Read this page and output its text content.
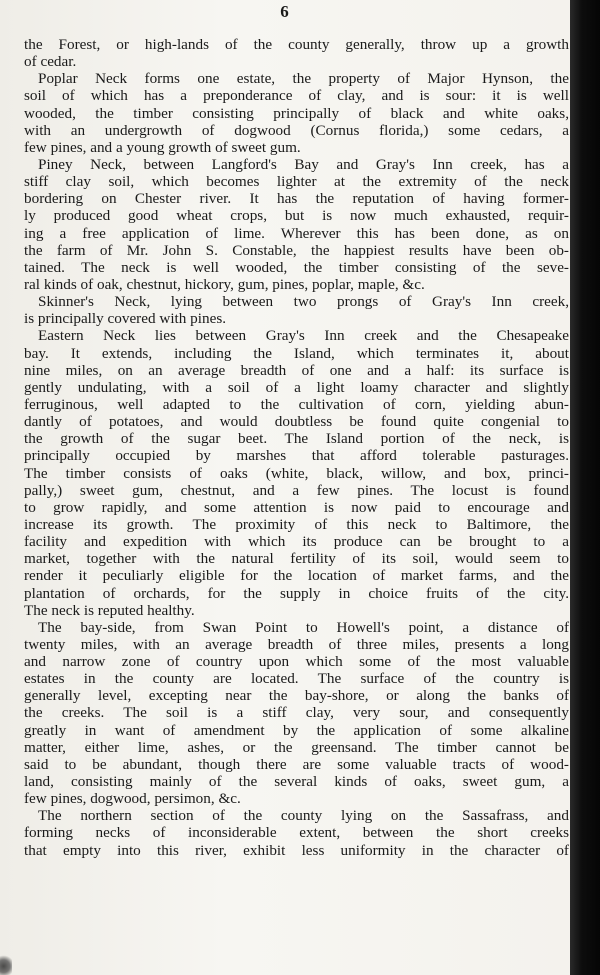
6
the Forest, or high-lands of the county generally, throw up a growth
of cedar.
Poplar Neck forms one estate, the property of Major Hynson, the
soil of which has a preponderance of clay, and is sour: it is well
wooded, the timber consisting principally of black and white oaks,
with an undergrowth of dogwood (Cornus florida,) some cedars, a
few pines, and a young growth of sweet gum.
Piney Neck, between Langford's Bay and Gray's Inn creek, has a
stiff clay soil, which becomes lighter at the extremity of the neck
bordering on Chester river. It has the reputation of having former-
ly produced good wheat crops, but is now much exhausted, requir-
ing a free application of lime. Wherever this has been done, as on
the farm of Mr. John S. Constable, the happiest results have been ob-
tained. The neck is well wooded, the timber consisting of the seve-
ral kinds of oak, chestnut, hickory, gum, pines, poplar, maple, &c.
Skinner's Neck, lying between two prongs of Gray's Inn creek,
is principally covered with pines.
Eastern Neck lies between Gray's Inn creek and the Chesapeake
bay. It extends, including the Island, which terminates it, about
nine miles, on an average breadth of one and a half: its surface is
gently undulating, with a soil of a light loamy character and slightly
ferruginous, well adapted to the cultivation of corn, yielding abun-
dantly of potatoes, and would doubtless be found quite congenial to
the growth of the sugar beet. The Island portion of the neck, is
principally occupied by marshes that afford tolerable pasturages.
The timber consists of oaks (white, black, willow, and box, princi-
pally,) sweet gum, chestnut, and a few pines. The locust is found
to grow rapidly, and some attention is now paid to encourage and
increase its growth. The proximity of this neck to Baltimore, the
facility and expedition with which its produce can be brought to a
market, together with the natural fertility of its soil, would seem to
render it peculiarly eligible for the location of market farms, and the
plantation of orchards, for the supply in choice fruits of the city.
The neck is reputed healthy.
The bay-side, from Swan Point to Howell's point, a distance of
twenty miles, with an average breadth of three miles, presents a long
and narrow zone of country upon which some of the most valuable
estates in the county are located. The surface of the country is
generally level, excepting near the bay-shore, or along the banks of
the creeks. The soil is a stiff clay, very sour, and consequently
greatly in want of amendment by the application of some alkaline
matter, either lime, ashes, or the greensand. The timber cannot be
said to be abundant, though there are some valuable tracts of wood-
land, consisting mainly of the several kinds of oaks, sweet gum, a
few pines, dogwood, persimon, &c.
The northern section of the county lying on the Sassafrass, and
forming necks of inconsiderable extent, between the short creeks
that empty into this river, exhibit less uniformity in the character of
